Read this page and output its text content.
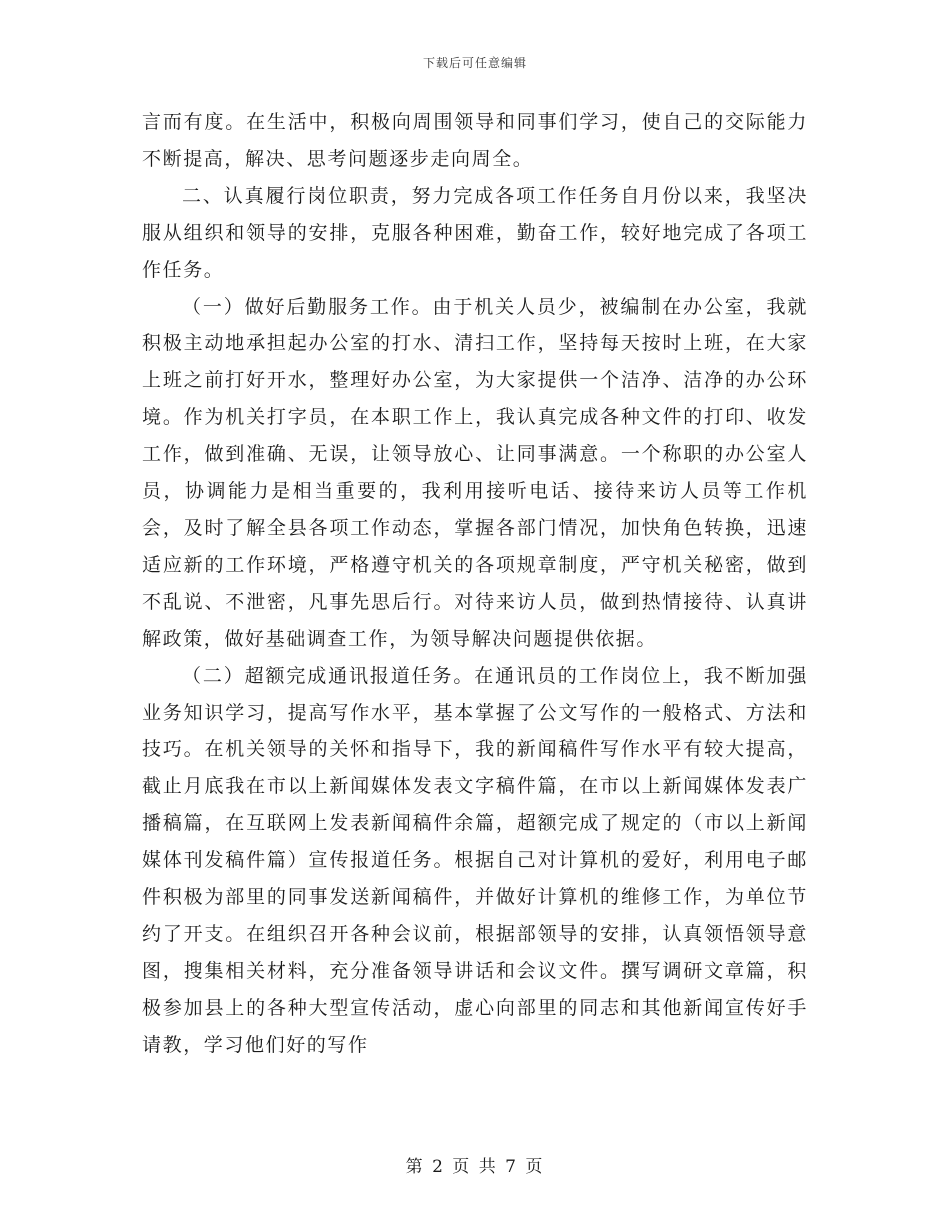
下载后可任意编辑

言而有度。在生活中，积极向周围领导和同事们学习，使自己的交际能力不断提高，解决、思考问题逐步走向周全。

二、认真履行岗位职责，努力完成各项工作任务自月份以来，我坚决服从组织和领导的安排，克服各种困难，勤奋工作，较好地完成了各项工作任务。

（一）做好后勤服务工作。由于机关人员少，被编制在办公室，我就积极主动地承担起办公室的打水、清扫工作，坚持每天按时上班，在大家上班之前打好开水，整理好办公室，为大家提供一个洁净、洁净的办公环境。作为机关打字员，在本职工作上，我认真完成各种文件的打印、收发工作，做到准确、无误，让领导放心、让同事满意。一个称职的办公室人员，协调能力是相当重要的，我利用接听电话、接待来访人员等工作机会，及时了解全县各项工作动态，掌握各部门情况，加快角色转换，迅速适应新的工作环境，严格遵守机关的各项规章制度，严守机关秘密，做到不乱说、不泄密，凡事先思后行。对待来访人员，做到热情接待、认真讲解政策，做好基础调查工作，为领导解决问题提供依据。

（二）超额完成通讯报道任务。在通讯员的工作岗位上，我不断加强业务知识学习，提高写作水平，基本掌握了公文写作的一般格式、方法和技巧。在机关领导的关怀和指导下，我的新闻稿件写作水平有较大提高，截止月底我在市以上新闻媒体发表文字稿件篇，在市以上新闻媒体发表广播稿篇，在互联网上发表新闻稿件余篇，超额完成了规定的（市以上新闻媒体刊发稿件篇）宣传报道任务。根据自己对计算机的爱好，利用电子邮件积极为部里的同事发送新闻稿件，并做好计算机的维修工作，为单位节约了开支。在组织召开各种会议前，根据部领导的安排，认真领悟领导意图，搜集相关材料，充分准备领导讲话和会议文件。撰写调研文章篇，积极参加县上的各种大型宣传活动，虚心向部里的同志和其他新闻宣传好手请教，学习他们好的写作

第 2 页 共 7 页
